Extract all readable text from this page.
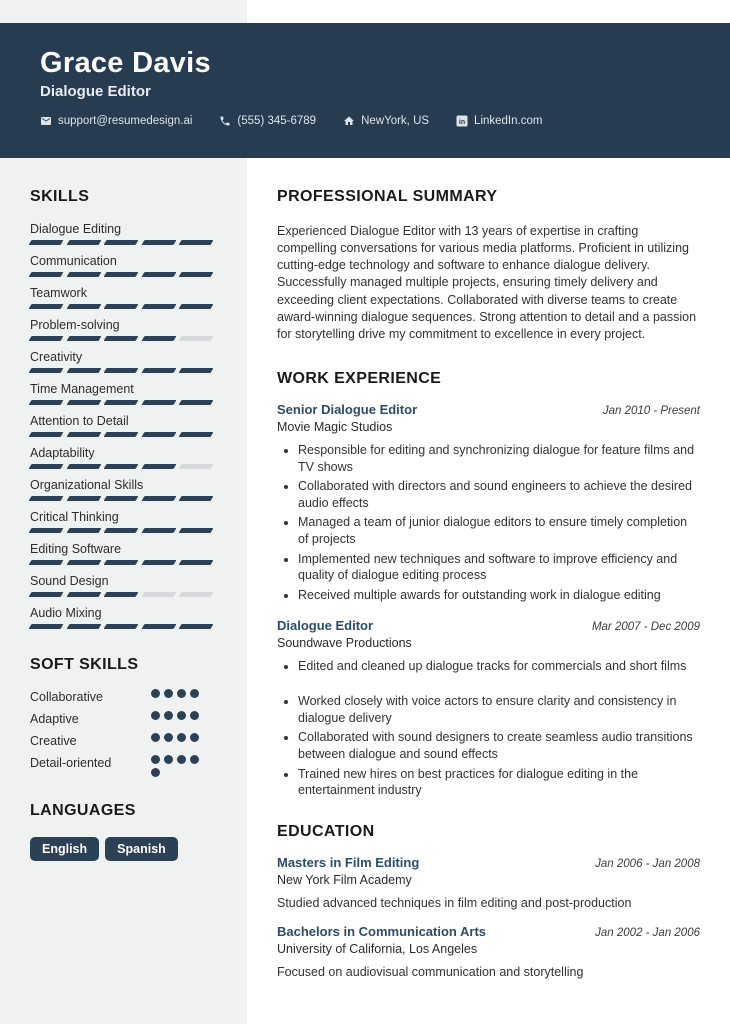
Grace Davis
Dialogue Editor
support@resumedesign.ai	(555) 345-6789	NewYork, US in LinkedIn.com
SKILLS
Dialogue Editing
Communication
Teamwork
Problem-solving
Creativity
Time Management
Attention to Detail
Adaptability
Organizational Skills
Critical Thinking
Editing Software
Sound Design
Audio Mixing
SOFT SKILLS
Collaborative
Adaptive
Creative
Detail-oriented
LANGUAGES
English Spanish
PROFESSIONAL SUMMARY
Experienced Dialogue Editor with 13 years of expertise in crafting compelling conversations for various media platforms. Proficient in utilizing cutting-edge technology and software to enhance dialogue delivery. Successfully managed multiple projects, ensuring timely delivery and exceeding client expectations. Collaborated with diverse teams to create award-winning dialogue sequences. Strong attention to detail and a passion for storytelling drive my commitment to excellence in every project.
WORK EXPERIENCE
Senior Dialogue Editor	Jan 2010 - Present
Movie Magic Studios
• Responsible for editing and synchronizing dialogue for feature films and TV shows
• Collaborated with directors and sound engineers to achieve the desired audio effects
• Managed a team of junior dialogue editors to ensure timely completion of projects
• Implemented new techniques and software to improve efficiency and quality of dialogue editing process
• Received multiple awards for outstanding work in dialogue editing
Dialogue Editor	Mar 2007 - Dec 2009
Soundwave Productions
• Edited and cleaned up dialogue tracks for commercials and short films
• Worked closely with voice actors to ensure clarity and consistency in dialogue delivery
• Collaborated with sound designers to create seamless audio transitions between dialogue and sound effects
• Trained new hires on best practices for dialogue editing in the entertainment industry
EDUCATION
Masters in Film Editing	Jan 2006 - Jan 2008
New York Film Academy
Studied advanced techniques in film editing and post-production
Bachelors in Communication Arts	Jan 2002 - Jan 2006
University of California, Los Angeles
Focused on audiovisual communication and storytelling
